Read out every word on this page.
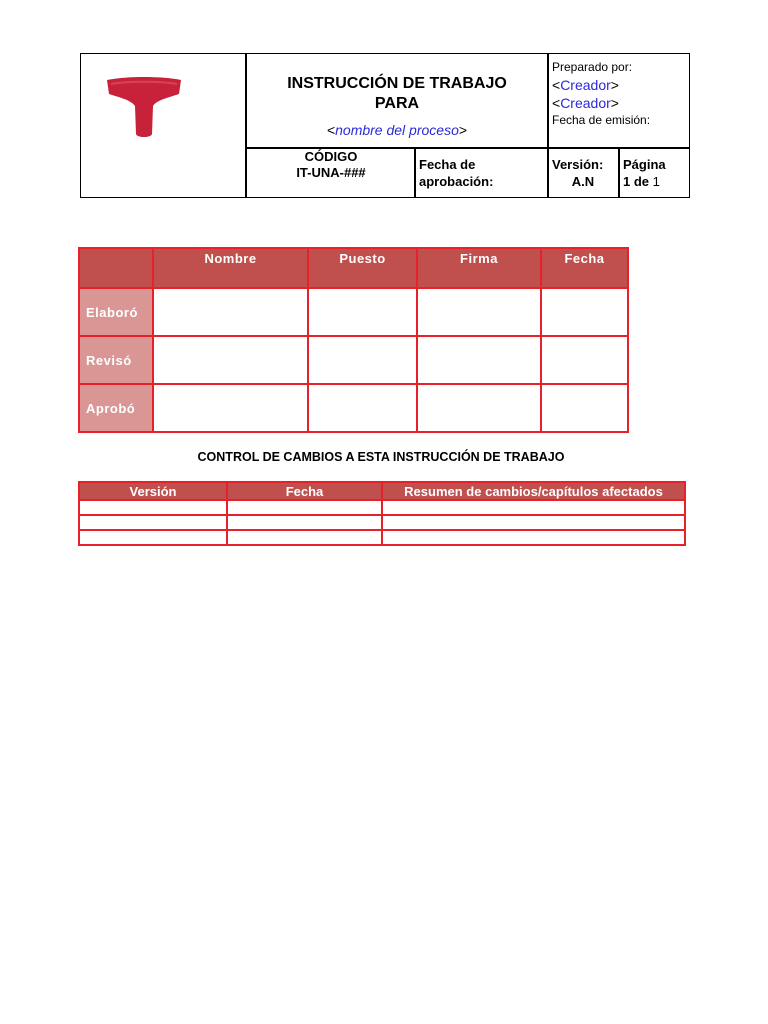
INSTRUCCIÓN DE TRABAJO
PARA
<nombre del proceso>
Preparado por:
<Creador>
<Creador>
Fecha de emisión:
CÓDIGO
IT-UNA-###
Fecha de
aprobación:
Versión:
A.N
Página
1 de 1
	Nombre	Puesto	Firma	Fecha
Elaboró				
Revisó				
Aprobó				
CONTROL DE CAMBIOS A ESTA INSTRUCCIÓN DE TRABAJO
Versión	Fecha	Resumen de cambios/capítulos afectados
